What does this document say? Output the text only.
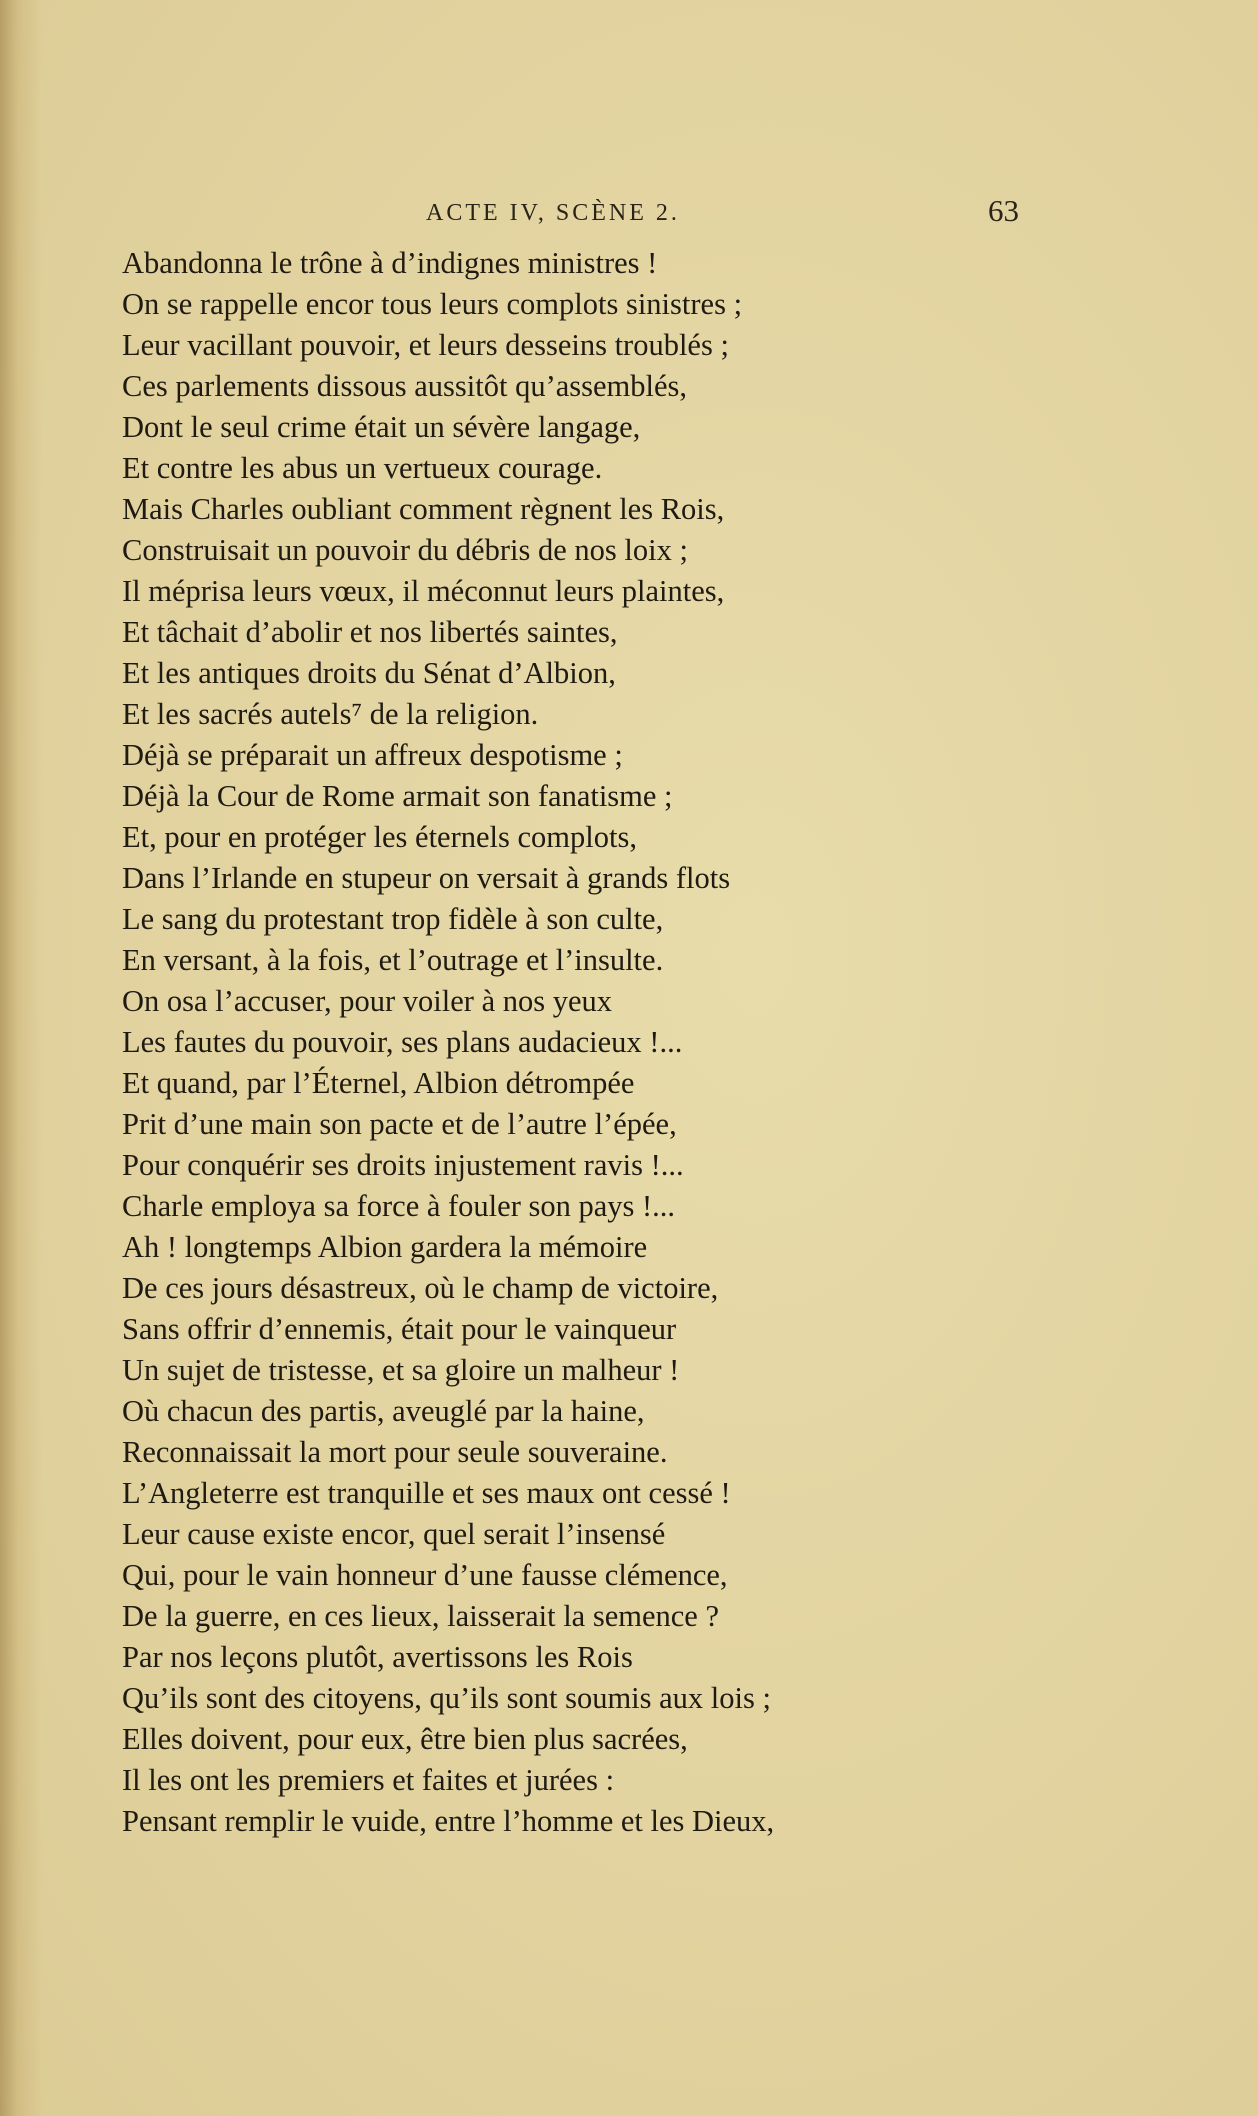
ACTE IV, SCÈNE 2.	63
Abandonna le trône à d’indignes ministres !
On se rappelle encor tous leurs complots sinistres ;
Leur vacillant pouvoir, et leurs desseins troublés ;
Ces parlements dissous aussitôt qu’assemblés,
Dont le seul crime était un sévère langage,
Et contre les abus un vertueux courage.
Mais Charles oubliant comment règnent les Rois,
Construisait un pouvoir du débris de nos loix ;
Il méprisa leurs vœux, il méconnut leurs plaintes,
Et tâchait d’abolir et nos libertés saintes,
Et les antiques droits du Sénat d’Albion,
Et les sacrés autels⁷ de la religion.
Déjà se préparait un affreux despotisme ;
Déjà la Cour de Rome armait son fanatisme ;
Et, pour en protéger les éternels complots,
Dans l’Irlande en stupeur on versait à grands flots
Le sang du protestant trop fidèle à son culte,
En versant, à la fois, et l’outrage et l’insulte.
On osa l’accuser, pour voiler à nos yeux
Les fautes du pouvoir, ses plans audacieux !...
Et quand, par l’Éternel, Albion détrompée
Prit d’une main son pacte et de l’autre l’épée,
Pour conquérir ses droits injustement ravis !...
Charle employa sa force à fouler son pays !...
Ah ! longtemps Albion gardera la mémoire
De ces jours désastreux, où le champ de victoire,
Sans offrir d’ennemis, était pour le vainqueur
Un sujet de tristesse, et sa gloire un malheur !
Où chacun des partis, aveuglé par la haine,
Reconnaissait la mort pour seule souveraine.
L’Angleterre est tranquille et ses maux ont cessé !
Leur cause existe encor, quel serait l’insensé
Qui, pour le vain honneur d’une fausse clémence,
De la guerre, en ces lieux, laisserait la semence ?
Par nos leçons plutôt, avertissons les Rois
Qu’ils sont des citoyens, qu’ils sont soumis aux lois ;
Elles doivent, pour eux, être bien plus sacrées,
Il les ont les premiers et faites et jurées :
Pensant remplir le vuide, entre l’homme et les Dieux,
